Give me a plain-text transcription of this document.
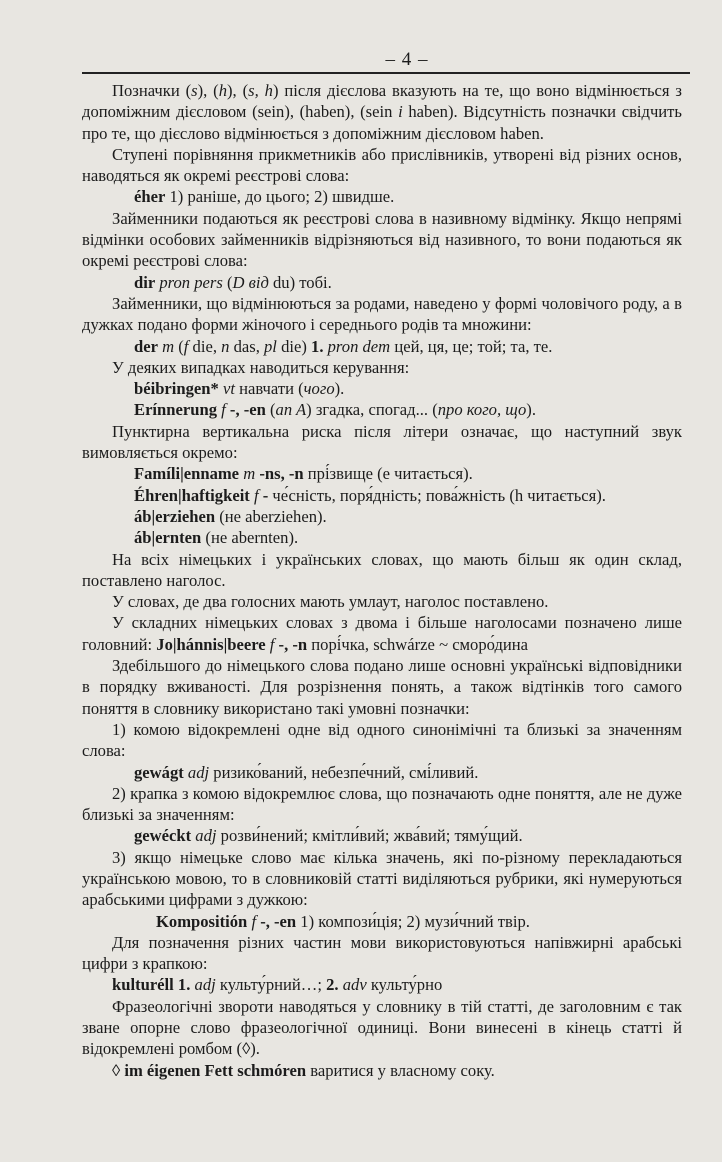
– 4 –

Позначки (s), (h), (s, h) після дієслова вказують на те, що воно відмінюється з допоміжним дієсловом (sein), (haben), (sein i haben). Відсутність позначки свідчить про те, що дієслово відмінюється з допоміжним дієсловом haben.

Ступені порівняння прикметників або прислівників, утворені від різних основ, наводяться як окремі реєстрові слова:

éher 1) раніше, до цього; 2) швидше.

Займенники подаються як реєстрові слова в називному відмінку. Якщо непрямі відмінки особових займенників відрізняються від називного, то вони подаються як окремі реєстрові слова:

dir pron pers (D від du) тобі.

Займенники, що відмінюються за родами, наведено у формі чоловічого роду, а в дужках подано форми жіночого і середнього родів та множини:

der m (f die, n das, pl die) 1. pron dem цей, ця, це; той; та, те.

У деяких випадках наводиться керування:

béibringen* vt навчати (чого).

Erínnerung f -, -en (an A) згадка, спогад... (про кого, що).

Пунктирна вертикальна риска після літери означає, що наступний звук вимовляється окремо:

Famíli|enname m -ns, -n прі́звище (e читається).

Éhren|haftigkeit f - че́сність, поря́дність; пова́жність (h читається).

áb|erziehen (не aberziehen).

áb|ernten (не abernten).

На всіх німецьких і українських словах, що мають більш як один склад, поставлено наголос.

У словах, де два голосних мають умлаут, наголос поставлено.

У складних німецьких словах з двома і більше наголосами позначено лише головний: Jo|hánnis|beere f -, -n порі́чка, schwárze ~ сморо́дина

Здебільшого до німецького слова подано лише основні українські відповідники в порядку вживаності. Для розрізнення понять, а також відтінків того самого поняття в словнику використано такі умовні позначки:

1) комою відокремлені одне від одного синонімічні та близькі за значенням слова:

gewágt adj ризико́ваний, небезпе́чний, смі́ливий.

2) крапка з комою відокремлює слова, що позначають одне поняття, але не дуже близькі за значенням:

gewéckt adj розви́нений; кмітли́вий; жва́вий; тяму́щий.

3) якщо німецьке слово має кілька значень, які по-різному перекладаються українською мовою, то в словниковій статті виділяються рубрики, які нумеруються арабськими цифрами з дужкою:

Kompositión f -, -en 1) компози́ція; 2) музи́чний твір.

Для позначення різних частин мови використовуються напівжирні арабські цифри з крапкою:

kulturéll 1. adj культу́рний…; 2. adv культу́рно

Фразеологічні звороти наводяться у словнику в тій статті, де заголовним є так зване опорне слово фразеологічної одиниці. Вони винесені в кінець статті й відокремлені ромбом (◊).

◊ im éigenen Fett schmóren варитися у власному соку.
